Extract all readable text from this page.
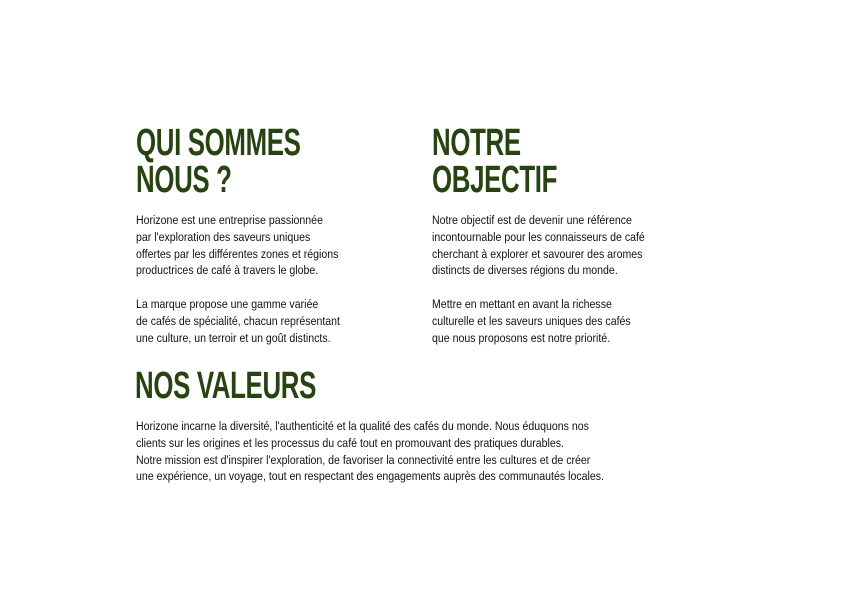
QUI SOMMES
NOUS ?
Horizone est une entreprise passionnée
par l'exploration des saveurs uniques
offertes par les différentes zones et régions
productrices de café à travers le globe.
La marque propose une gamme variée
de cafés de spécialité, chacun représentant
une culture, un terroir et un goût distincts.
NOTRE
OBJECTIF
Notre objectif est de devenir une référence
incontournable pour les connaisseurs de café
cherchant à explorer et savourer des aromes
distincts de diverses régions du monde.
Mettre en mettant en avant la richesse
culturelle et les saveurs uniques des cafés
que nous proposons est notre priorité.
NOS VALEURS
Horizone incarne la diversité, l'authenticité et la qualité des cafés du monde. Nous éduquons nos
clients sur les origines et les processus du café tout en promouvant des pratiques durables.
Notre mission est d'inspirer l'exploration, de favoriser la connectivité entre les cultures et de créer
une expérience, un voyage, tout en respectant des engagements auprès des communautés locales.
